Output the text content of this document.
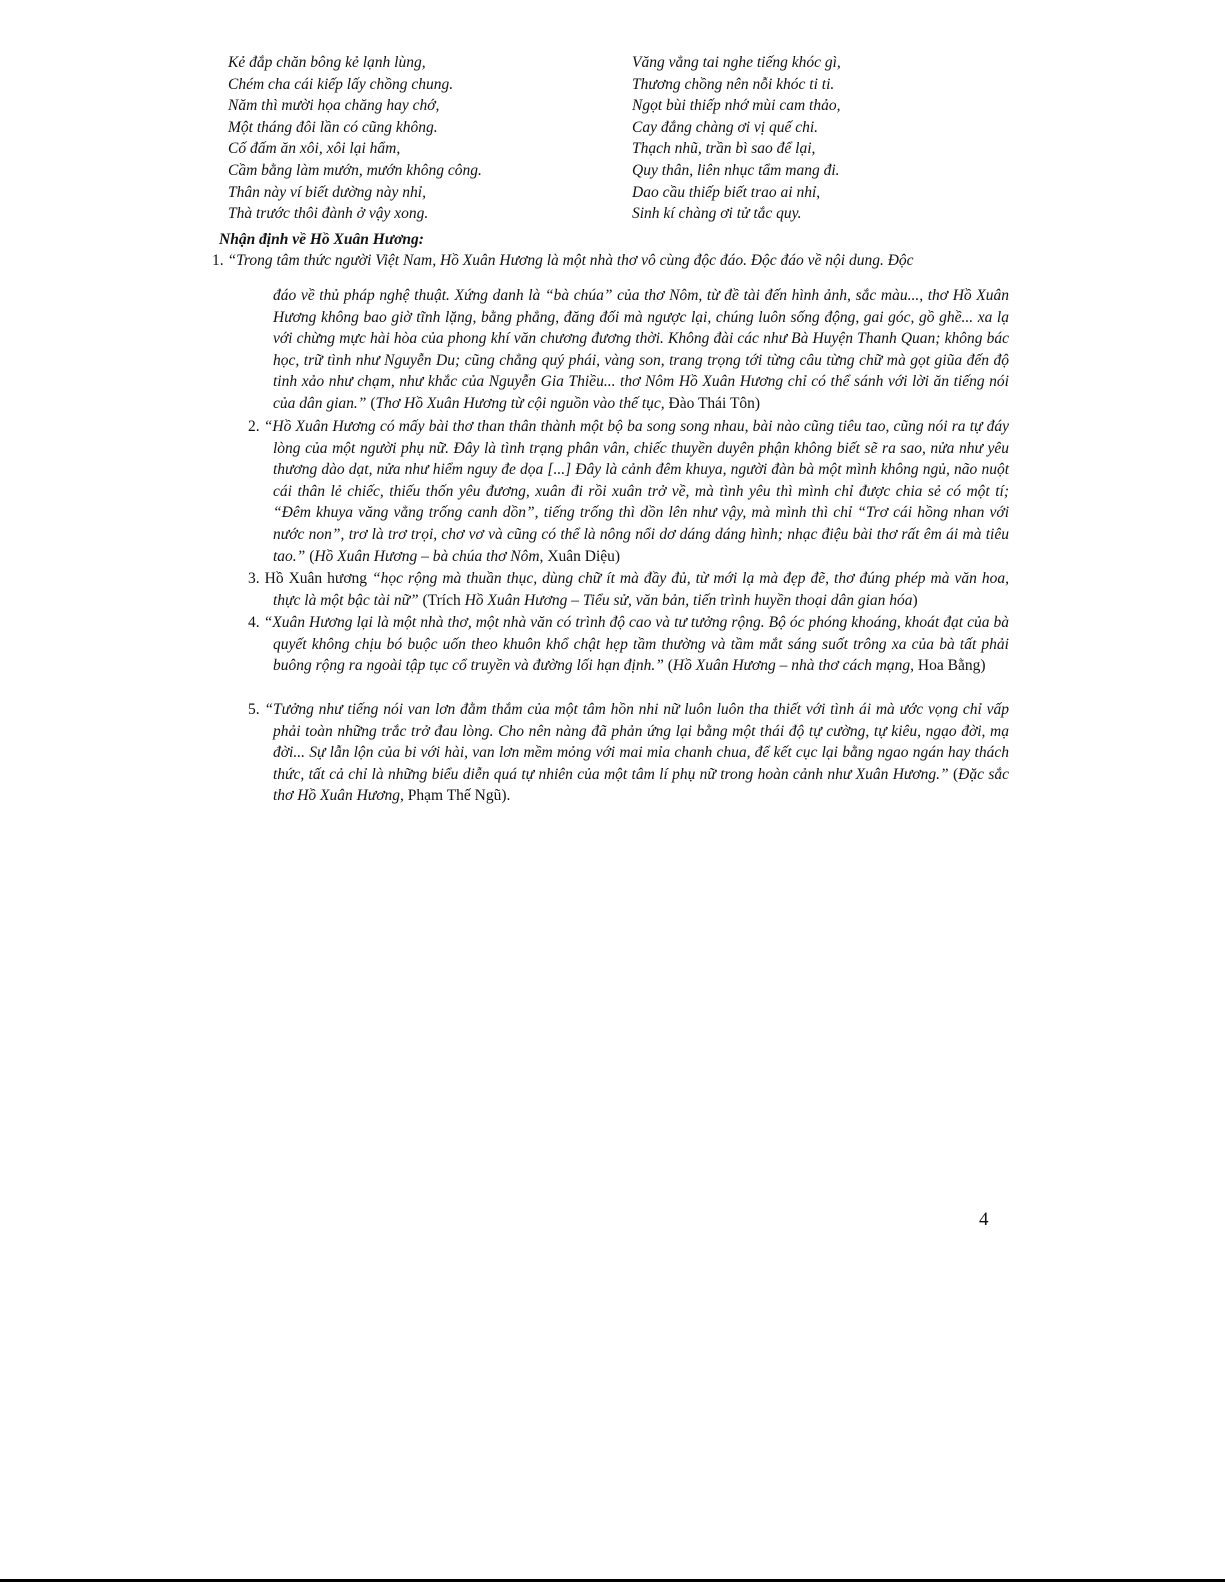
Kẻ đắp chăn bông kẻ lạnh lùng,
Chém cha cái kiếp lấy chồng chung.
Năm thì mười họa chăng hay chớ,
Một tháng đôi lần có cũng không.
Cố đấm ăn xôi, xôi lại hẩm,
Cầm bằng làm mướn, mướn không công.
Thân này ví biết dường này nhỉ,
Thà trước thôi đành ở vậy xong.
Văng vẳng tai nghe tiếng khóc gì,
Thương chồng nên nỗi khóc ti ti.
Ngọt bùi thiếp nhớ mùi cam thảo,
Cay đắng chàng ơi vị quế chi.
Thạch nhũ, trần bì sao để lại,
Quy thân, liên nhục tẩm mang đi.
Dao cầu thiếp biết trao ai nhỉ,
Sinh kí chàng ơi tử tắc quy.
Nhận định về Hồ Xuân Hương:

1. “Trong tâm thức người Việt Nam, Hồ Xuân Hương là một nhà thơ vô cùng độc đáo. Độc đáo về nội dung. Độc

đáo về thủ pháp nghệ thuật. Xứng danh là “bà chúa” của thơ Nôm, từ đề tài đến hình ảnh, sắc màu..., thơ Hồ Xuân Hương không bao giờ tĩnh lặng, bằng phẳng, đăng đối mà ngược lại, chúng luôn sống động, gai góc, gồ ghề... xa lạ với chừng mực hài hòa của phong khí văn chương đương thời. Không đài các như Bà Huyện Thanh Quan; không bác học, trữ tình như Nguyễn Du; cũng chẳng quý phái, vàng son, trang trọng tới từng câu từng chữ mà gọt giũa đến độ tinh xảo như chạm, như khắc của Nguyễn Gia Thiều... thơ Nôm Hồ Xuân Hương chỉ có thể sánh với lời ăn tiếng nói của dân gian.” (Thơ Hồ Xuân Hương từ cội nguồn vào thế tục, Đào Thái Tôn)

2. “Hồ Xuân Hương có mấy bài thơ than thân thành một bộ ba song song nhau, bài nào cũng tiêu tao, cũng nói ra tự đáy lòng của một người phụ nữ. Đây là tình trạng phân vân, chiếc thuyền duyên phận không biết sẽ ra sao, nửa như yêu thương dào dạt, nửa như hiểm nguy đe dọa [...] Đây là cảnh đêm khuya, người đàn bà một mình không ngủ, não nuột cái thân lẻ chiếc, thiếu thốn yêu đương, xuân đi rồi xuân trở về, mà tình yêu thì mình chỉ được chia sẻ có một tí; “Đêm khuya văng vẳng trống canh dồn”, tiếng trống thì dồn lên như vậy, mà mình thì chỉ “Trơ cái hồng nhan với nước non”, trơ là trơ trọi, chơ vơ và cũng có thể là nông nổi dơ dáng dáng hình; nhạc điệu bài thơ rất êm ái mà tiêu tao.” (Hồ Xuân Hương – bà chúa thơ Nôm, Xuân Diệu)

3. Hồ Xuân hương “học rộng mà thuần thục, dùng chữ ít mà đầy đủ, từ mới lạ mà đẹp đẽ, thơ đúng phép mà văn hoa, thực là một bậc tài nữ” (Trích Hồ Xuân Hương – Tiểu sử, văn bản, tiến trình huyền thoại dân gian hóa)

4. “Xuân Hương lại là một nhà thơ, một nhà văn có trình độ cao và tư tưởng rộng. Bộ óc phóng khoáng, khoát đạt của bà quyết không chịu bó buộc uốn theo khuôn khổ chật hẹp tầm thường và tầm mắt sáng suốt trông xa của bà tất phải buông rộng ra ngoài tập tục cổ truyền và đường lối hạn định.” (Hồ Xuân Hương – nhà thơ cách mạng, Hoa Bằng)

5. “Tưởng như tiếng nói van lơn đằm thắm của một tâm hồn nhi nữ luôn luôn tha thiết với tình ái mà ước vọng chỉ vấp phải toàn những trắc trở đau lòng. Cho nên nàng đã phản ứng lại bằng một thái độ tự cường, tự kiêu, ngạo đời, mạ đời... Sự lẫn lộn của bi với hài, van lơn mềm mỏng với mai mỉa chanh chua, để kết cục lại bằng ngao ngán hay thách thức, tất cả chỉ là những biểu diễn quá tự nhiên của một tâm lí phụ nữ trong hoàn cảnh như Xuân Hương.” (Đặc sắc thơ Hồ Xuân Hương, Phạm Thế Ngũ).

4
